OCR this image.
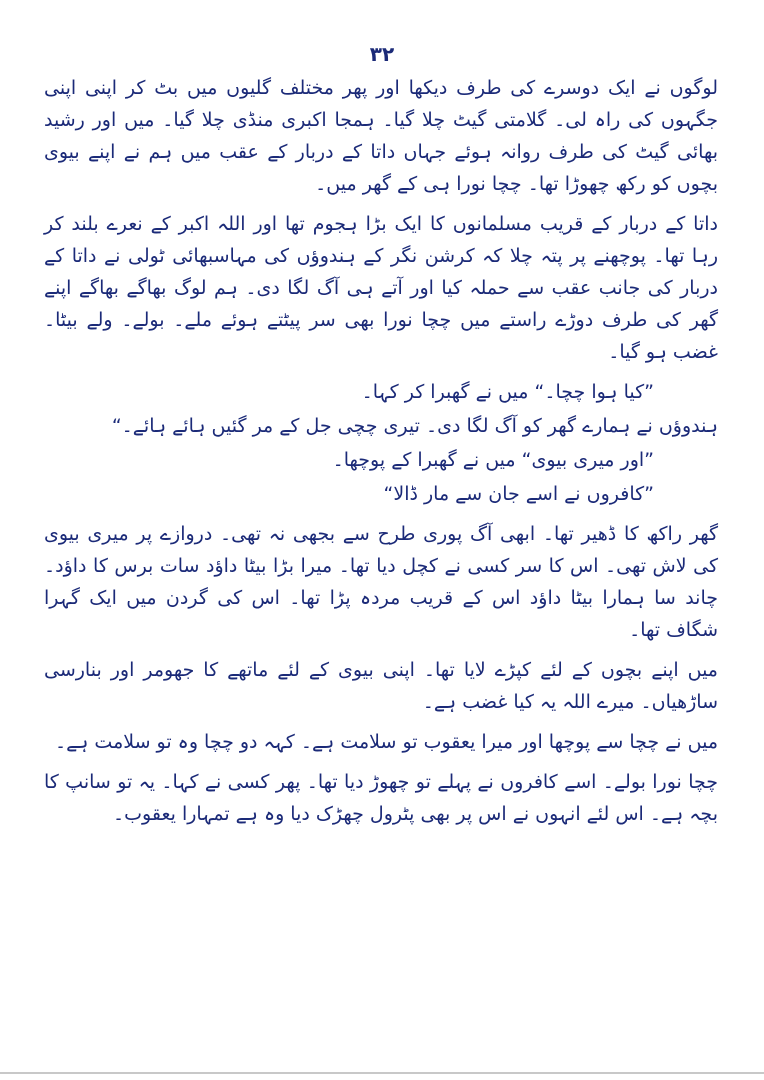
٣٢

لوگوں نے ایک دوسرے کی طرف دیکھا اور پھر مختلف گلیوں میں بٹ کر اپنی اپنی جگہوں کی راہ لی۔ گلامتی گیٹ چلا گیا۔ ہمجا اکبری منڈی چلا گیا۔ میں اور رشید بھائی گیٹ کی طرف روانہ ہوئے جہاں داتا کے دربار کے عقب میں ہم نے اپنے بیوی بچوں کو رکھ چھوڑا تھا۔ چچا نورا ہی کے گھر میں۔

داتا کے دربار کے قریب مسلمانوں کا ایک بڑا ہجوم تھا اور اللہ اکبر کے نعرے بلند کر رہا تھا۔ پوچھنے پر پتہ چلا کہ کرشن نگر کے ہندوؤں کی مہاسبھائی ٹولی نے داتا کے دربار کی جانب عقب سے حملہ کیا اور آتے ہی آگ لگا دی۔ ہم لوگ بھاگے بھاگے اپنے گھر کی طرف دوڑے راستے میں چچا نورا بھی سر پیٹتے ہوئے ملے۔ بولے۔ ولے بیٹا۔ غضب ہو گیا۔

”کیا ہوا چچا۔“ میں نے گھبرا کر کہا۔

ہندوؤں نے ہمارے گھر کو آگ لگا دی۔ تیری چچی جل کے مر گئیں ہائے ہائے۔“

”اور میری بیوی“ میں نے گھبرا کے پوچھا۔

”کافروں نے اسے جان سے مار ڈالا“

گھر راکھ کا ڈھیر تھا۔ ابھی آگ پوری طرح سے بجھی نہ تھی۔ دروازے پر میری بیوی کی لاش تھی۔ اس کا سر کسی نے کچل دیا تھا۔ میرا بڑا بیٹا داؤد سات برس کا داؤد۔ چاند سا ہمارا بیٹا داؤد اس کے قریب مردہ پڑا تھا۔ اس کی گردن میں ایک گہرا شگاف تھا۔

میں اپنے بچوں کے لئے کپڑے لایا تھا۔ اپنی بیوی کے لئے ماتھے کا جھومر اور بنارسی ساڑھیاں۔ میرے اللہ یہ کیا غضب ہے۔

میں نے چچا سے پوچھا اور میرا یعقوب تو سلامت ہے۔ کہہ دو چچا وہ تو سلامت ہے۔

چچا نورا بولے۔ اسے کافروں نے پہلے تو چھوڑ دیا تھا۔ پھر کسی نے کہا۔ یہ تو سانپ کا بچہ ہے۔ اس لئے انہوں نے اس پر بھی پٹرول چھڑک دیا وہ ہے تمہارا یعقوب۔
